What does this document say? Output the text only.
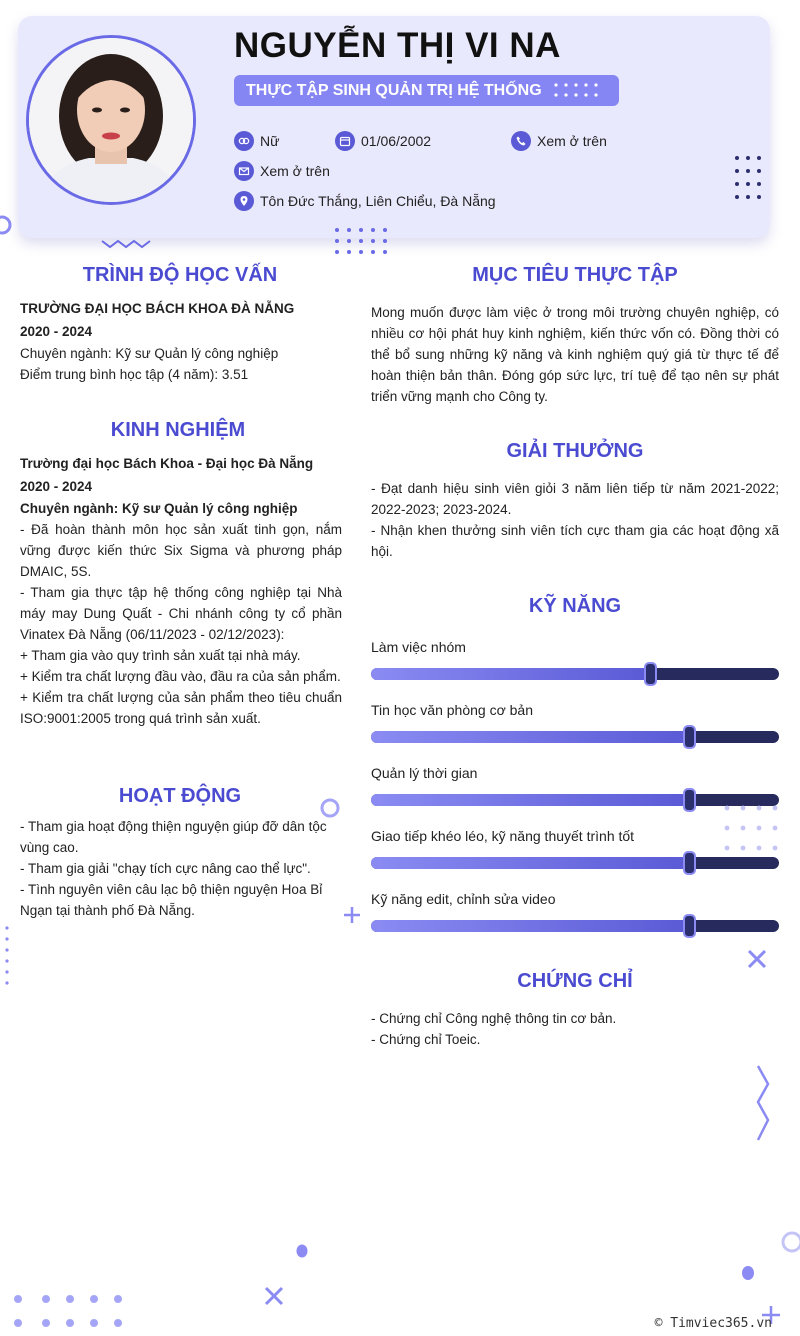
NGUYỄN THỊ VI NA
THỰC TẬP SINH QUẢN TRỊ HỆ THỐNG
Nữ	01/06/2002	Xem ở trên
Xem ở trên
Tôn Đức Thắng, Liên Chiểu, Đà Nẵng
TRÌNH ĐỘ HỌC VẤN

TRƯỜNG ĐẠI HỌC BÁCH KHOA ĐÀ NẴNG

2020 - 2024

Chuyên ngành: Kỹ sư Quản lý công nghiệp

Điểm trung bình học tập (4 năm): 3.51

KINH NGHIỆM

Trường đại học Bách Khoa - Đại học Đà Nẵng

2020 - 2024

Chuyên ngành: Kỹ sư Quản lý công nghiệp

- Đã hoàn thành môn học sản xuất tinh gọn, nắm vững được kiến thức Six Sigma và phương pháp DMAIC, 5S.

- Tham gia thực tập hệ thống công nghiệp tại Nhà máy may Dung Quất - Chi nhánh công ty cổ phần Vinatex Đà Nẵng (06/11/2023 - 02/12/2023):

+ Tham gia vào quy trình sản xuất tại nhà máy.

+ Kiểm tra chất lượng đầu vào, đầu ra của sản phẩm.

+ Kiểm tra chất lượng của sản phẩm theo tiêu chuẩn ISO:9001:2005 trong quá trình sản xuất.

HOẠT ĐỘNG

- Tham gia hoạt động thiện nguyện giúp đỡ dân tộc vùng cao.

- Tham gia giải "chạy tích cực nâng cao thể lực".

- Tình nguyên viên câu lạc bộ thiện nguyện Hoa Bỉ Ngạn tại thành phố Đà Nẵng.

MỤC TIÊU THỰC TẬP
Mong muốn được làm việc ở trong môi trường chuyên nghiệp, có nhiều cơ hội phát huy kinh nghiệm, kiến thức vốn có. Đồng thời có thể bổ sung những kỹ năng và kinh nghiệm quý giá từ thực tế để hoàn thiện bản thân. Đóng góp sức lực, trí tuệ để tạo nên sự phát triển vững mạnh cho Công ty.
GIẢI THƯỞNG

- Đạt danh hiệu sinh viên giỏi 3 năm liên tiếp từ năm 2021-2022; 2022-2023; 2023-2024.

- Nhận khen thưởng sinh viên tích cực tham gia các hoạt động xã hội.

KỸ NĂNG
Làm việc nhóm
Tin học văn phòng cơ bản
Quản lý thời gian
Giao tiếp khéo léo, kỹ năng thuyết trình tốt
Kỹ năng edit, chỉnh sửa video
CHỨNG CHỈ

- Chứng chỉ Công nghệ thông tin cơ bản.

- Chứng chỉ Toeic.

© Timviec365.vn
